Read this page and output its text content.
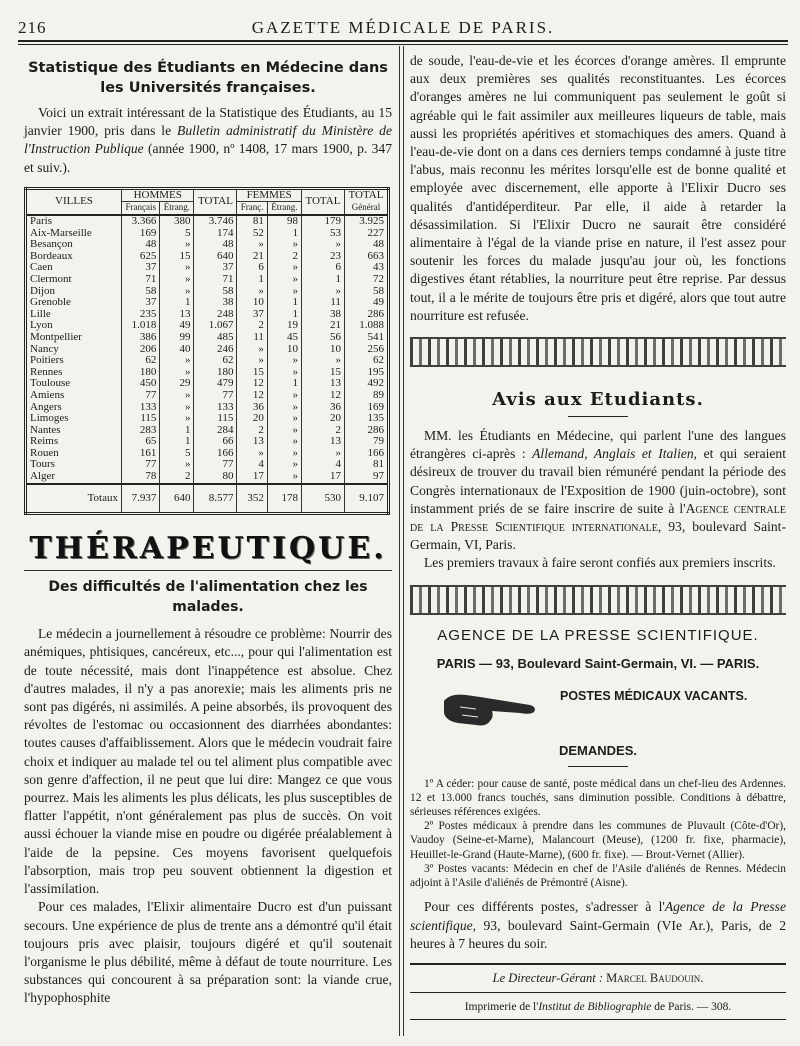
216	GAZETTE MÉDICALE DE PARIS.
Statistique des Étudiants en Médecine dans les Universités françaises.

Voici un extrait intéressant de la Statistique des Étudiants, au 15 janvier 1900, pris dans le Bulletin administratif du Ministère de l'Instruction Publique (année 1900, nº 1408, 17 mars 1900, p. 347 et suiv.).

VILLES	HOMMES		TOTAL	FEMMES		TOTAL	TOTAL
Général
	Français	Étrang.		Franç.	Étrang.		
Paris	3.366	380	3.746	81	98	179	3.925
Aix-Marseille	169	5	174	52	1	53	227
Besançon	48	»	48	»	»	»	48
Bordeaux	625	15	640	21	2	23	663
Caen	37	»	37	6	»	6	43
Clermont	71	»	71	1	»	1	72
Dijon	58	»	58	»	»	»	58
Grenoble	37	1	38	10	1	11	49
Lille	235	13	248	37	1	38	286
Lyon	1.018	49	1.067	2	19	21	1.088
Montpellier	386	99	485	11	45	56	541
Nancy	206	40	246	»	10	10	256
Poitiers	62	»	62	»	»	»	62
Rennes	180	»	180	15	»	15	195
Toulouse	450	29	479	12	1	13	492
Amiens	77	»	77	12	»	12	89
Angers	133	»	133	36	»	36	169
Limoges	115	»	115	20	»	20	135
Nantes	283	1	284	2	»	2	286
Reims	65	1	66	13	»	13	79
Rouen	161	5	166	»	»	»	166
Tours	77	»	77	4	»	4	81
Alger	78	2	80	17	»	17	97
Totaux	7.937	640	8.577	352	178	530	9.107
THÉRAPEUTIQUE.
Des difficultés de l'alimentation chez les malades.

Le médecin a journellement à résoudre ce problème: Nourrir des anémiques, phtisiques, cancéreux, etc..., pour qui l'alimentation est de toute nécessité, mais dont l'inappétence est absolue. Chez d'autres malades, il n'y a pas anorexie; mais les aliments pris ne sont pas digérés, ni assimilés. A peine absorbés, ils provoquent des révoltes de l'estomac ou occasionnent des diarrhées abondantes: toutes causes d'affaiblissement. Alors que le médecin voudrait faire choix et indiquer au malade tel ou tel aliment plus compatible avec son genre d'affection, il ne peut que lui dire: Mangez ce que vous pourrez. Mais les aliments les plus délicats, les plus susceptibles de flatter l'appétit, n'ont généralement pas plus de succès. On voit aussi échouer la viande mise en poudre ou digérée préalablement à l'aide de la pepsine. Ces moyens favorisent quelquefois l'absorption, mais trop peu souvent obtiennent la digestion et l'assimilation.

Pour ces malades, l'Elixir alimentaire Ducro est d'un puissant secours. Une expérience de plus de trente ans a démontré qu'il était toujours pris avec plaisir, toujours digéré et qu'il soutenait l'organisme le plus débilité, même à défaut de toute nourriture. Les substances qui concourent à sa préparation sont: la viande crue, l'hypophosphite

de soude, l'eau-de-vie et les écorces d'orange amères. Il emprunte aux deux premières ses qualités reconstituantes. Les écorces d'oranges amères ne lui communiquent pas seulement le goût si agréable qui le fait assimiler aux meilleures liqueurs de table, mais aussi les propriétés apéritives et stomachiques des amers. Quand à l'eau-de-vie dont on a dans ces derniers temps condamné à juste titre l'abus, mais reconnu les mérites lorsqu'elle est de bonne qualité et employée avec discernement, elle apporte à l'Elixir Ducro ses qualités d'antidéperditeur. Par elle, il aide à retarder la désassimilation. Si l'Elixir Ducro ne saurait être considéré alimentaire à l'égal de la viande prise en nature, il l'est assez pour soutenir les forces du malade jusqu'au jour où, les fonctions digestives étant rétablies, la nourriture peut être reprise. Par dessus tout, il a le mérite de toujours être pris et digéré, alors que tout autre nourriture est refusée.

Avis aux Etudiants.

MM. les Étudiants en Médecine, qui parlent l'une des langues étrangères ci-après : Allemand, Anglais et Italien, et qui seraient désireux de trouver du travail bien rémunéré pendant la période des Congrès internationaux de l'Exposition de 1900 (juin-octobre), sont instamment priés de se faire inscrire de suite à l'Agence centrale de la Presse Scientifique internationale, 93, boulevard Saint-Germain, VI, Paris.

Les premiers travaux à faire seront confiés aux premiers inscrits.

AGENCE DE LA PRESSE SCIENTIFIQUE.
PARIS — 93, Boulevard Saint-Germain, VI. — PARIS.
POSTES MÉDICAUX VACANTS.
DEMANDES.

1º A céder: pour cause de santé, poste médical dans un chef-lieu des Ardennes. 12 et 13.000 francs touchés, sans diminution possible. Conditions à débattre, sérieuses références exigées.

2º Postes médicaux à prendre dans les communes de Pluvault (Côte-d'Or), Vaudoy (Seine-et-Marne), Malancourt (Meuse), (1200 fr. fixe, pharmacie), Heuillet-le-Grand (Haute-Marne), (600 fr. fixe). — Brout-Vernet (Allier).

3º Postes vacants: Médecin en chef de l'Asile d'aliénés de Rennes. Médecin adjoint à l'Asile d'aliénés de Prémontré (Aisne).

Pour ces différents postes, s'adresser à l'Agence de la Presse scientifique, 93, boulevard Saint-Germain (VIe Ar.), Paris, de 2 heures à 7 heures du soir.

Le Directeur-Gérant : Marcel Baudouin.
Imprimerie de l'Institut de Bibliographie de Paris. — 308.
